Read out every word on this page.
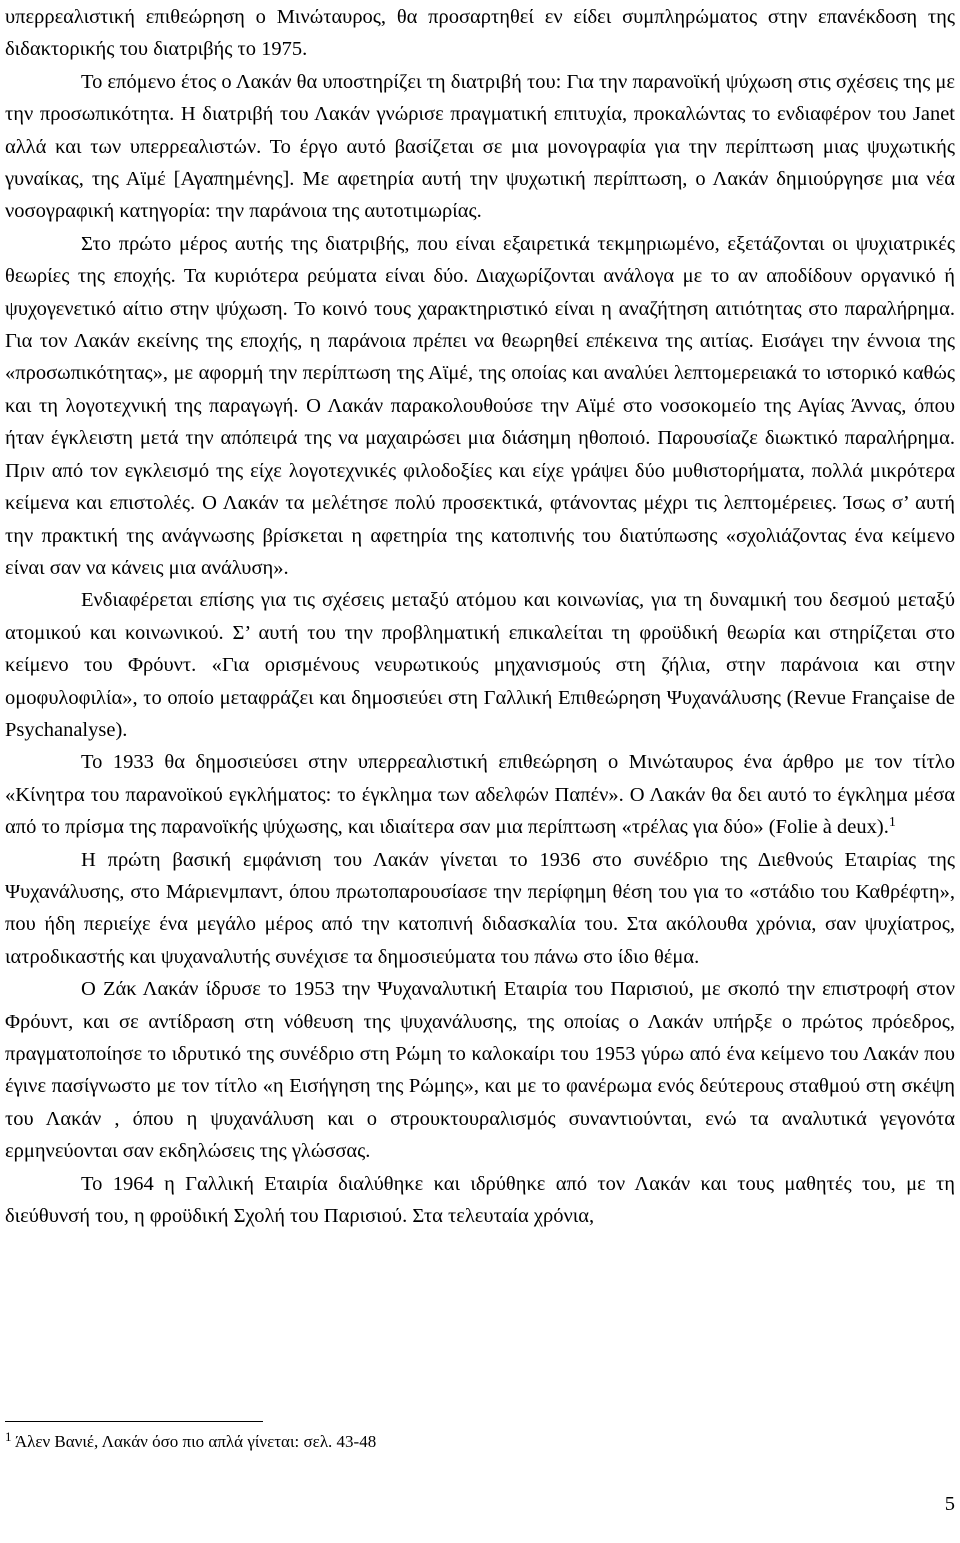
υπερρεαλιστική επιθεώρηση ο Μινώταυρος, θα προσαρτηθεί εν είδει συμπληρώματος στην επανέκδοση της διδακτορικής του διατριβής το 1975.

Το επόμενο έτος ο Λακάν θα υποστηρίζει τη διατριβή του: Για την παρανοϊκή ψύχωση στις σχέσεις της με την προσωπικότητα. Η διατριβή του Λακάν γνώρισε πραγματική επιτυχία, προκαλώντας το ενδιαφέρον του Janet αλλά και των υπερρεαλιστών. Το έργο αυτό βασίζεται σε μια μονογραφία για την περίπτωση μιας ψυχωτικής γυναίκας, της Αϊμέ [Αγαπημένης]. Με αφετηρία αυτή την ψυχωτική περίπτωση, ο Λακάν δημιούργησε μια νέα νοσογραφική κατηγορία: την παράνοια της αυτοτιμωρίας.

Στο πρώτο μέρος αυτής της διατριβής, που είναι εξαιρετικά τεκμηριωμένο, εξετάζονται οι ψυχιατρικές θεωρίες της εποχής. Τα κυριότερα ρεύματα είναι δύο. Διαχωρίζονται ανάλογα με το αν αποδίδουν οργανικό ή ψυχογενετικό αίτιο στην ψύχωση. Το κοινό τους χαρακτηριστικό είναι η αναζήτηση αιτιότητας στο παραλήρημα. Για τον Λακάν εκείνης της εποχής, η παράνοια πρέπει να θεωρηθεί επέκεινα της αιτίας. Εισάγει την έννοια της «προσωπικότητας», με αφορμή την περίπτωση της Αϊμέ, της οποίας και αναλύει λεπτομερειακά το ιστορικό καθώς και τη λογοτεχνική της παραγωγή. Ο Λακάν παρακολουθούσε την Αϊμέ στο νοσοκομείο της Αγίας Άννας, όπου ήταν έγκλειστη μετά την απόπειρά της να μαχαιρώσει μια διάσημη ηθοποιό. Παρουσίαζε διωκτικό παραλήρημα. Πριν από τον εγκλεισμό της είχε λογοτεχνικές φιλοδοξίες και είχε γράψει δύο μυθιστορήματα, πολλά μικρότερα κείμενα και επιστολές. Ο Λακάν τα μελέτησε πολύ προσεκτικά, φτάνοντας μέχρι τις λεπτομέρειες. Ίσως σ’ αυτή την πρακτική της ανάγνωσης βρίσκεται η αφετηρία της κατοπινής του διατύπωσης «σχολιάζοντας ένα κείμενο είναι σαν να κάνεις μια ανάλυση».

Ενδιαφέρεται επίσης για τις σχέσεις μεταξύ ατόμου και κοινωνίας, για τη δυναμική του δεσμού μεταξύ ατομικού και κοινωνικού. Σ’ αυτή του την προβληματική επικαλείται τη φροϋδική θεωρία και στηρίζεται στο κείμενο του Φρόυντ. «Για ορισμένους νευρωτικούς μηχανισμούς στη ζήλια, στην παράνοια και στην ομοφυλοφιλία», το οποίο μεταφράζει και δημοσιεύει στη Γαλλική Επιθεώρηση Ψυχανάλυσης (Revue Française de Psychanalyse).

Το 1933 θα δημοσιεύσει στην υπερρεαλιστική επιθεώρηση ο Μινώταυρος ένα άρθρο με τον τίτλο «Κίνητρα του παρανοϊκού εγκλήματος: το έγκλημα των αδελφών Παπέν». Ο Λακάν θα δει αυτό το έγκλημα μέσα από το πρίσμα της παρανοϊκής ψύχωσης, και ιδιαίτερα σαν μια περίπτωση «τρέλας για δύο» (Folie à deux).$^1$

Η πρώτη βασική εμφάνιση του Λακάν γίνεται το 1936 στο συνέδριο της Διεθνούς Εταιρίας της Ψυχανάλυσης, στο Μάριενμπαντ, όπου πρωτοπαρουσίασε την περίφημη θέση του για το «στάδιο του Καθρέφτη», που ήδη περιείχε ένα μεγάλο μέρος από την κατοπινή διδασκαλία του. Στα ακόλουθα χρόνια, σαν ψυχίατρος, ιατροδικαστής και ψυχαναλυτής συνέχισε τα δημοσιεύματα του πάνω στο ίδιο θέμα.

Ο Ζάκ Λακάν ίδρυσε το 1953 την Ψυχαναλυτική Εταιρία του Παρισιού, με σκοπό την επιστροφή στον Φρόυντ, και σε αντίδραση στη νόθευση της ψυχανάλυσης, της οποίας ο Λακάν υπήρξε ο πρώτος πρόεδρος, πραγματοποίησε το ιδρυτικό της συνέδριο στη Ρώμη το καλοκαίρι του 1953 γύρω από ένα κείμενο του Λακάν που έγινε πασίγνωστο με τον τίτλο «η Εισήγηση της Ρώμης», και με το φανέρωμα ενός δεύτερους σταθμού στη σκέψη του Λακάν , όπου η ψυχανάλυση και ο στρουκτουραλισμός συναντιούνται, ενώ τα αναλυτικά γεγονότα ερμηνεύονται σαν εκδηλώσεις της γλώσσας.

Το 1964 η Γαλλική Εταιρία διαλύθηκε και ιδρύθηκε από τον Λακάν και τους μαθητές του, με τη διεύθυνσή του, η φροϋδική Σχολή του Παρισιού. Στα τελευταία χρόνια,

$^1$ Άλεν Βανιέ, Λακάν όσο πιο απλά γίνεται: σελ. 43-48
5
